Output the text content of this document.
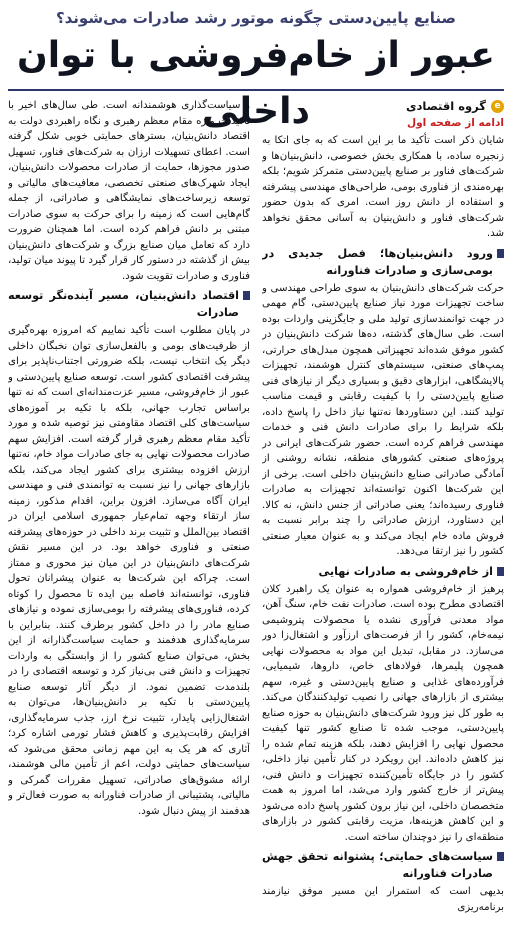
صنایع پایین‌دستی چگونه موتور رشد صادرات می‌شوند؟
عبور از خام‌فروشی با توان داخلی	e
گروه اقتصادی
ادامه از صفحه اول

شایان ذکر است تأکید ما بر این است که به جای اتکا به زنجیره ساده، با همکاری بخش خصوصی، دانش‌بنیان‌ها و شرکت‌های فناور بر صنایع پایین‌دستی متمرکز شویم؛ بلکه بهره‌مندی از فناوری بومی، طراحی‌های مهندسی پیشرفته و استفاده از دانش روز است. امری که بدون حضور شرکت‌های فناور و دانش‌بنیان به آسانی محقق نخواهد شد.

ورود دانش‌بنیان‌ها؛ فصل جدیدی در بومی‌سازی و صادرات فناورانه

حرکت شرکت‌های دانش‌بنیان به سوی طراحی مهندسی و ساخت تجهیزات مورد نیاز صنایع پایین‌دستی، گام مهمی در جهت توانمندسازی تولید ملی و جایگزینی واردات بوده است. طی سال‌های گذشته، ده‌ها شرکت دانش‌بنیان در کشور موفق شده‌اند تجهیزاتی همچون مبدل‌های حرارتی، پمپ‌های صنعتی، سیستم‌های کنترل هوشمند، تجهیزات پالایشگاهی، ابزارهای دقیق و بسیاری دیگر از نیازهای فنی صنایع پایین‌دستی را با کیفیت رقابتی و قیمت مناسب تولید کنند. این دستاوردها نه‌تنها نیاز داخل را پاسخ داده، بلکه شرایط را برای صادرات دانش فنی و خدمات مهندسی فراهم کرده است. حضور شرکت‌های ایرانی در پروژه‌های صنعتی کشورهای منطقه، نشانه روشنی از آمادگی صادراتی صنایع دانش‌بنیان داخلی است. برخی از این شرکت‌ها اکنون توانسته‌اند تجهیزات به صادرات فناوری رسیده‌اند؛ یعنی صادراتی از جنس دانش، نه کالا. این دستاورد، ارزش صادراتی را چند برابر نسبت به فروش ماده خام ایجاد می‌کند و به عنوان معیار صنعتی کشور را نیز ارتقا می‌دهد.

از خام‌فروشی به صادرات نهایی

پرهیز از خام‌فروشی همواره به عنوان یک راهبرد کلان اقتصادی مطرح بوده است. صادرات نفت خام، سنگ آهن، مواد معدنی فرآوری نشده یا محصولات پتروشیمی نیمه‌خام، کشور را از فرصت‌های ارزآور و اشتغال‌زا دور می‌سازد. در مقابل، تبدیل این مواد به محصولات نهایی همچون پلیمرها، فولادهای خاص، داروها، شیمیایی، فرآورده‌های غذایی و صنایع پایین‌دستی و غیره، سهم بیشتری از بازارهای جهانی را نصیب تولیدکنندگان می‌کند. به طور کل نیز ورود شرکت‌های دانش‌بنیان به حوزه صنایع پایین‌دستی، موجب شده تا صنایع کشور تنها کیفیت محصول نهایی را افزایش دهند، بلکه هزینه تمام شده را نیز کاهش داده‌اند. این رویکرد در کنار تأمین نیاز داخلی، کشور را در جایگاه تأمین‌کننده تجهیزات و دانش فنی، پیش‌تر از خارج کشور وارد می‌شد، اما امروز به همت متخصصان داخلی، این نیاز برون کشور پاسخ داده می‌شود و این کاهش هزینه‌ها، مزیت رقابتی کشور در بازارهای منطقه‌ای را نیز دوچندان ساخته است.

سیاست‌های حمایتی؛ پشتوانه تحقق جهش صادرات فناورانه

بدیهی است که استمرار این مسیر موفق نیازمند برنامه‌ریزی

و سیاست‌گذاری هوشمندانه است. طی سال‌های اخیر با تأکیدات ویژه مقام معظم رهبری و نگاه راهبردی دولت به اقتصاد دانش‌بنیان، بسترهای حمایتی خوبی شکل گرفته است. اعطای تسهیلات ارزان به شرکت‌های فناور، تسهیل صدور مجوزها، حمایت از صادرات محصولات دانش‌بنیان، ایجاد شهرک‌های صنعتی تخصصی، معافیت‌های مالیاتی و توسعه زیرساخت‌های نمایشگاهی و صادراتی، از جمله گام‌هایی است که زمینه را برای حرکت به سوی صادرات مبتنی بر دانش فراهم کرده است. اما همچنان ضرورت دارد که تعامل میان صنایع بزرگ و شرکت‌های دانش‌بنیان بیش از گذشته در دستور کار قرار گیرد تا پیوند میان تولید، فناوری و صادرات تقویت شود.

اقتصاد دانش‌بنیان، مسیر آینده‌نگر توسعه صادرات

در پایان مطلوب است تأکید نماییم که امروزه بهره‌گیری از ظرفیت‌های بومی و بالفعل‌سازی توان نخبگان داخلی دیگر یک انتخاب نیست، بلکه ضرورتی اجتناب‌ناپذیر برای پیشرفت اقتصادی کشور است. توسعه صنایع پایین‌دستی و عبور از خام‌فروشی، مسیر عزت‌مندانه‌ای است که نه تنها براساس تجارب جهانی، بلکه با تکیه بر آموزه‌های سیاست‌های کلی اقتصاد مقاومتی نیز توصیه شده و مورد تأکید مقام معظم رهبری قرار گرفته است. افزایش سهم صادرات محصولات نهایی به جای صادرات مواد خام، نه‌تنها ارزش افزوده بیشتری برای کشور ایجاد می‌کند، بلکه بازارهای جهانی را نیز نسبت به توانمندی فنی و مهندسی ایران آگاه می‌سازد. افزون براین، اقدام مذکور، زمینه ساز ارتقاء وجهه تمام‌عیار جمهوری اسلامی ایران در اقتصاد بین‌الملل و تثبیت برند داخلی در حوزه‌های پیشرفته صنعتی و فناوری خواهد بود. در این مسیر نقش شرکت‌های دانش‌بنیان در این میان نیز محوری و ممتاز است. چراکه این شرکت‌ها به عنوان پیشرانان تحول فناوری، توانسته‌اند فاصله بین ایده تا محصول را کوتاه کرده، فناوری‌های پیشرفته را بومی‌سازی نموده و نیازهای صنایع مادر را در داخل کشور برطرف کنند. بنابراین با سرمایه‌گذاری هدفمند و حمایت سیاست‌گذارانه از این بخش، می‌توان صنایع کشور را از وابستگی به واردات تجهیزات و دانش فنی بی‌نیاز کرد و توسعه اقتصادی را در بلندمدت تضمین نمود. از دیگر آثار توسعه صنایع پایین‌دستی با تکیه بر دانش‌بنیان‌ها، می‌توان به اشتغال‌زایی پایدار، تثبیت نرخ ارز، جذب سرمایه‌گذاری، افزایش رقابت‌پذیری و کاهش فشار تورمی اشاره کرد؛ آثاری که هر یک به این مهم زمانی محقق می‌شود که سیاست‌های حمایتی دولت، اعم از تأمین مالی هوشمند، ارائه مشوق‌های صادراتی، تسهیل مقررات گمرکی و مالیاتی، پشتیبانی از صادرات فناورانه به صورت فعال‌تر و هدفمند از پیش دنبال شود.
